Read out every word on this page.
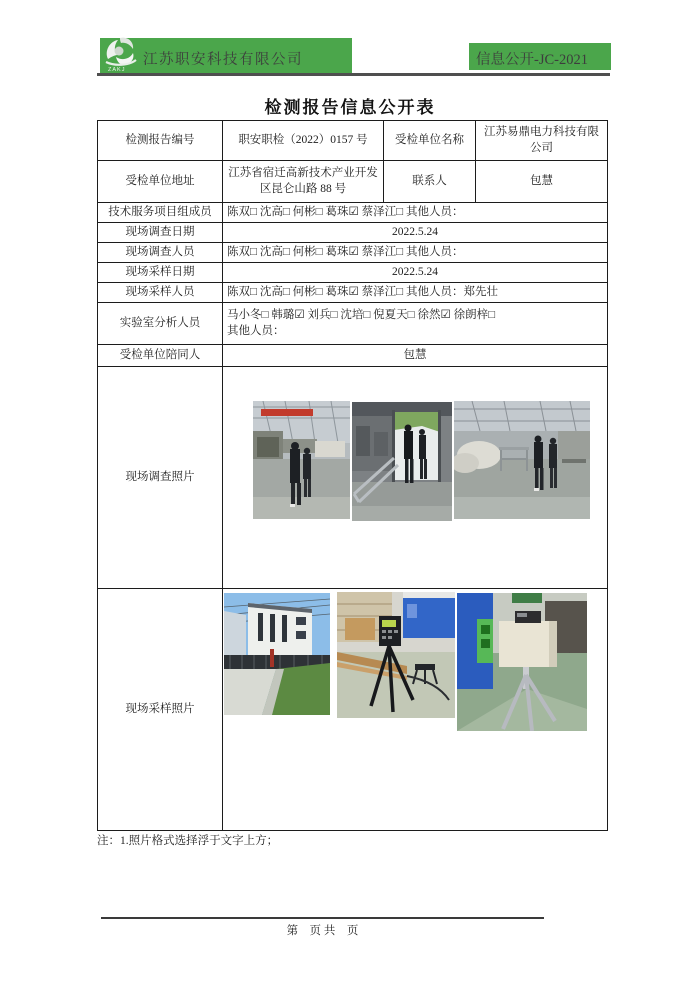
ZAKJ
江苏职安科技有限公司	信息公开-JC-2021
检测报告信息公开表
检测报告编号	职安职检（2022）0157 号	受检单位名称	江苏易鼎电力科技有限公司
受检单位地址	江苏省宿迁高新技术产业开发区昆仑山路 88 号	联系人	包慧
技术服务项目组成员	陈双□ 沈高□ 何彬□ 葛珠☑ 蔡泽江□ 其他人员：		
现场调查日期	2022.5.24		
现场调查人员	陈双□ 沈高□ 何彬□ 葛珠☑ 蔡泽江□ 其他人员：		
现场采样日期	2022.5.24		
现场采样人员	陈双□ 沈高□ 何彬□ 葛珠☑ 蔡泽江□ 其他人员：郑先壮		
实验室分析人员	马小冬□ 韩璐☑ 刘兵□ 沈培□ 倪夏天□ 徐然☑ 徐朗梓□
其他人员：		

受检单位陪同人	包慧		
现场调查照片	

现场采样照片	
注：1.照片格式选择浮于文字上方；
第　页 共　页
